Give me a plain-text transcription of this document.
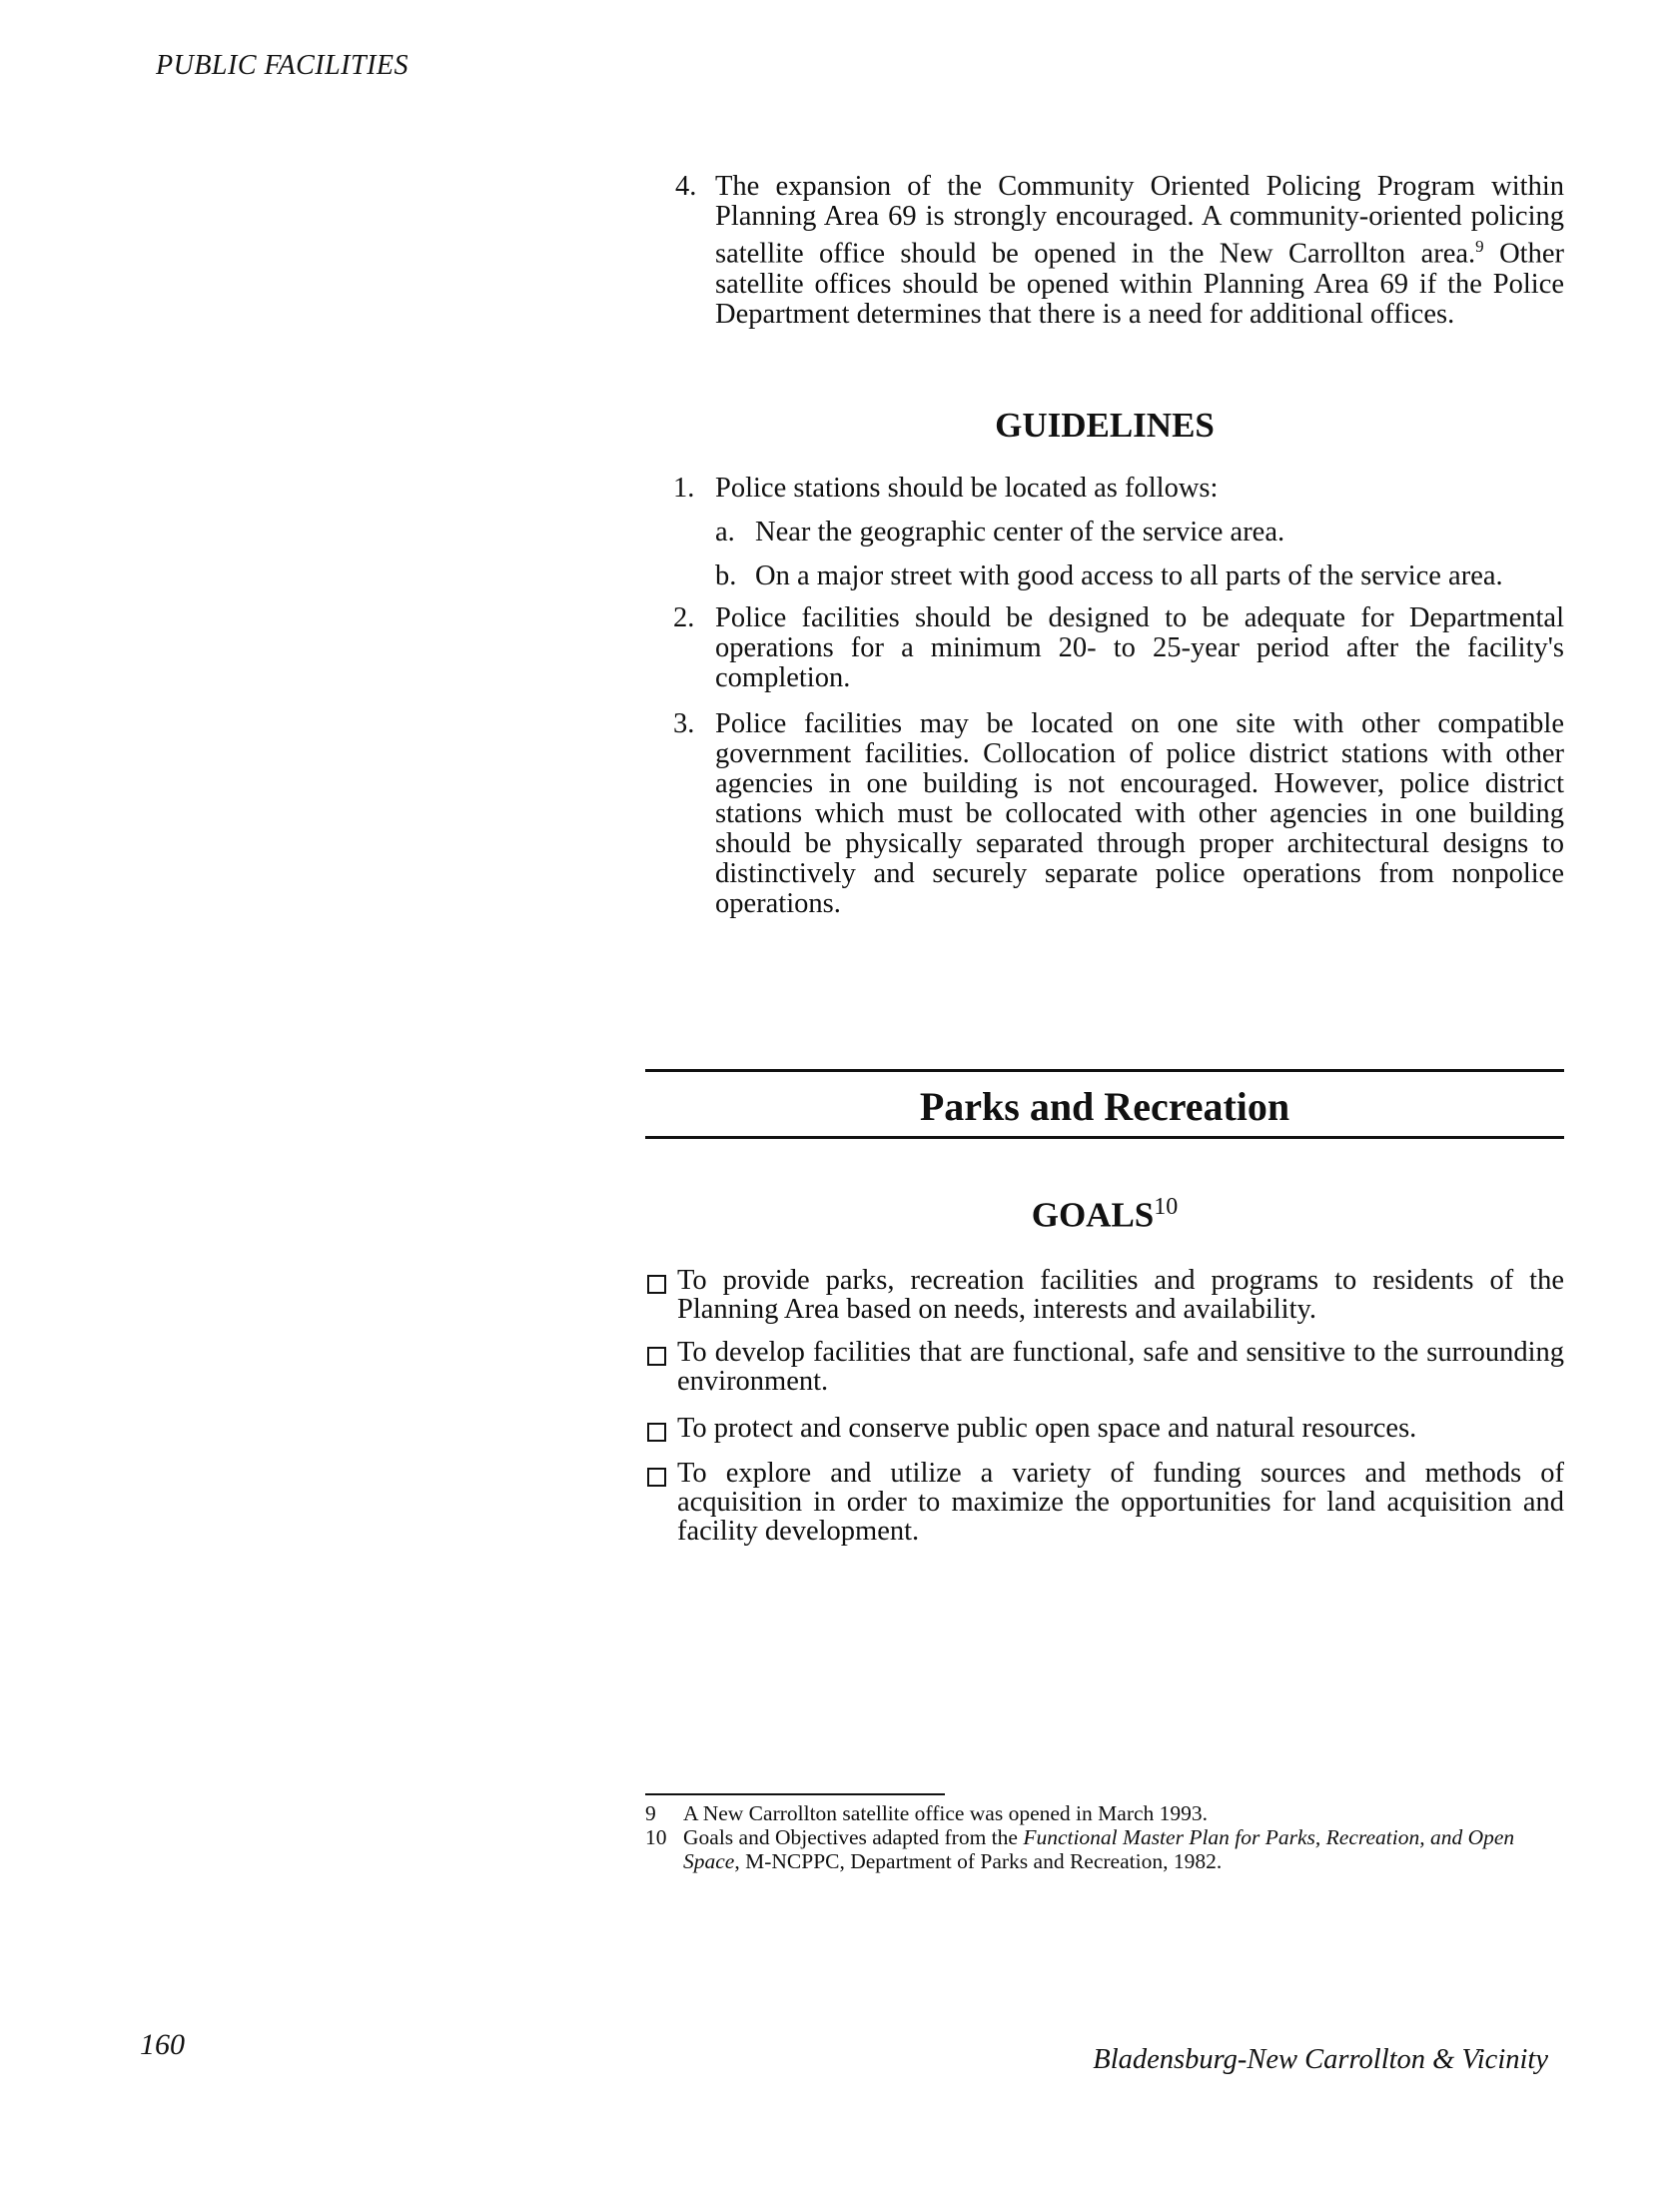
PUBLIC FACILITIES
4. The expansion of the Community Oriented Policing Program within Planning Area 69 is strongly encouraged. A community-oriented policing satellite office should be opened in the New Carrollton area.$^9$ Other satellite offices should be opened within Planning Area 69 if the Police Department determines that there is a need for additional offices.
GUIDELINES
1. Police stations should be located as follows:
a. Near the geographic center of the service area.
b. On a major street with good access to all parts of the service area.
2. Police facilities should be designed to be adequate for Departmental operations for a minimum 20- to 25-year period after the facility's completion.
3. Police facilities may be located on one site with other compatible government facilities. Collocation of police district stations with other agencies in one building is not encouraged. However, police district stations which must be collocated with other agencies in one building should be physically separated through proper architectural designs to distinctively and securely separate police operations from nonpolice operations.
Parks and Recreation
GOALS$^{10}$
To provide parks, recreation facilities and programs to residents of the Planning Area based on needs, interests and availability.
To develop facilities that are functional, safe and sensitive to the surrounding environment.
To protect and conserve public open space and natural resources.
To explore and utilize a variety of funding sources and methods of acquisition in order to maximize the opportunities for land acquisition and facility development.
9 A New Carrollton satellite office was opened in March 1993.
10 Goals and Objectives adapted from the Functional Master Plan for Parks, Recreation, and Open Space, M-NCPPC, Department of Parks and Recreation, 1982.
160	Bladensburg-New Carrollton & Vicinity
